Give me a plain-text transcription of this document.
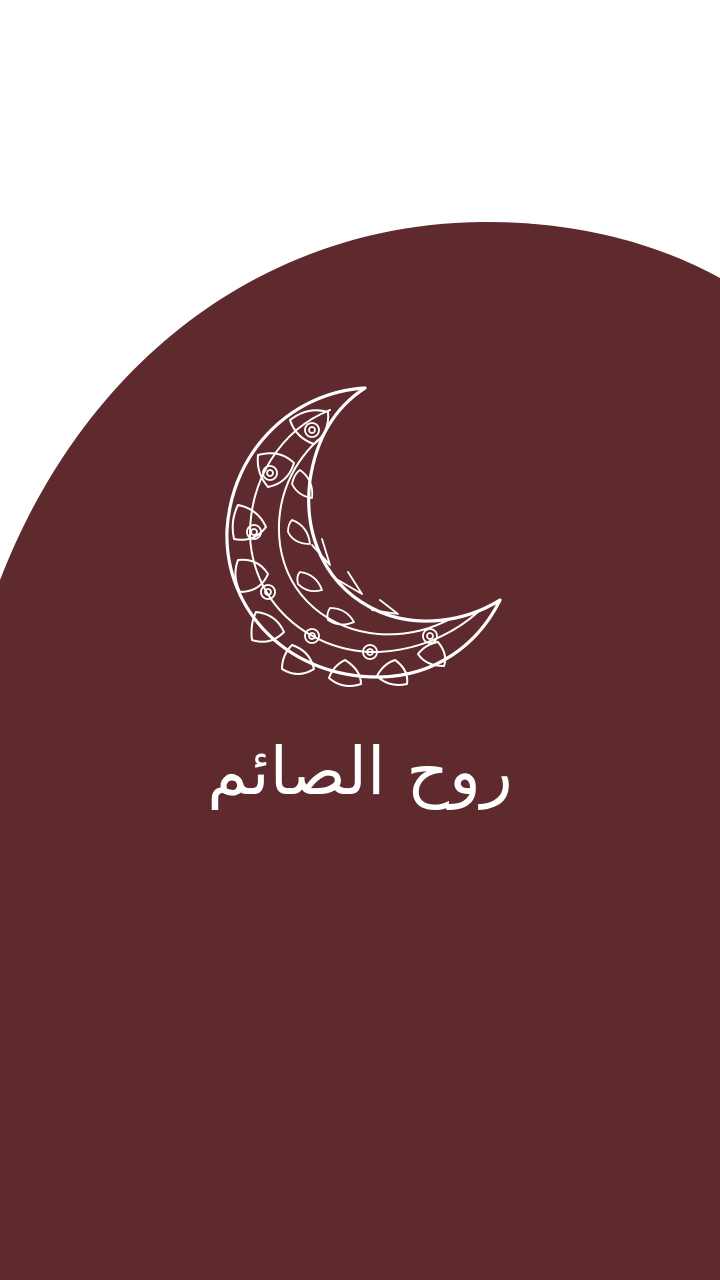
روح الصائم
